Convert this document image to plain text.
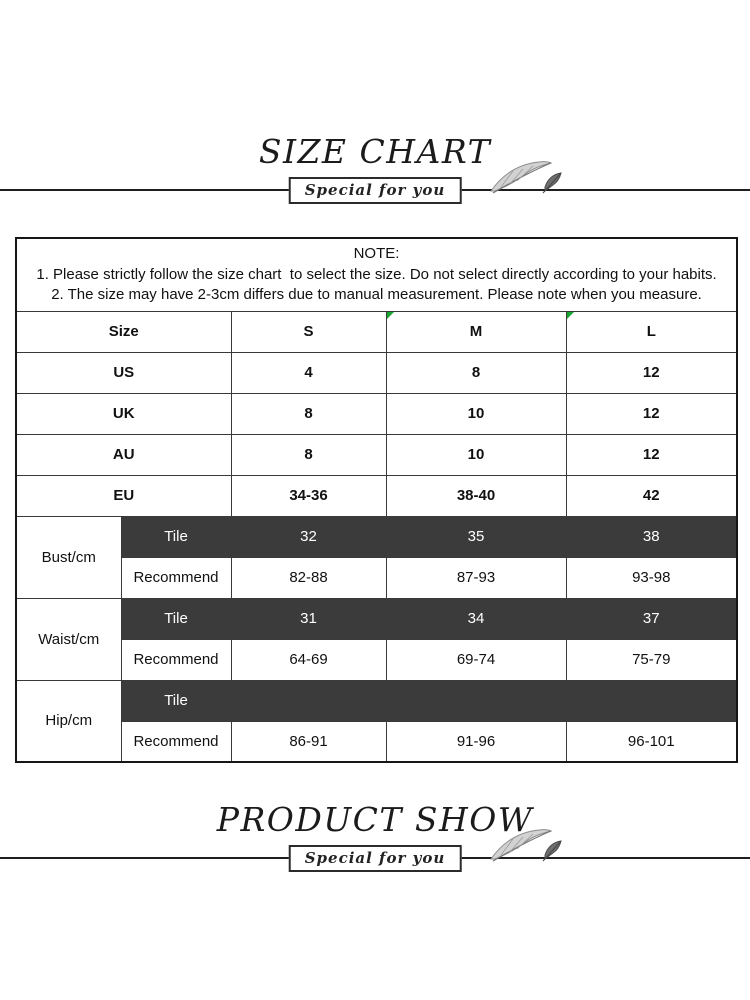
SIZE CHART
Special for you
NOTE:
1. Please strictly follow the size chart  to select the size. Do not select directly according to your habits.
2. The size may have 2-3cm differs due to manual measurement. Please note when you measure.				

Size		S	M	L
US		4	8	12
UK		8	10	12
AU		8	10	12
EU		34-36	38-40	42
Bust/cm	Tile	32	35	38
	Recommend	82-88	87-93	93-98
Waist/cm	Tile	31	34	37
	Recommend	64-69	69-74	75-79
Hip/cm	Tile			
	Recommend	86-91	91-96	96-101
PRODUCT SHOW
Special for you
